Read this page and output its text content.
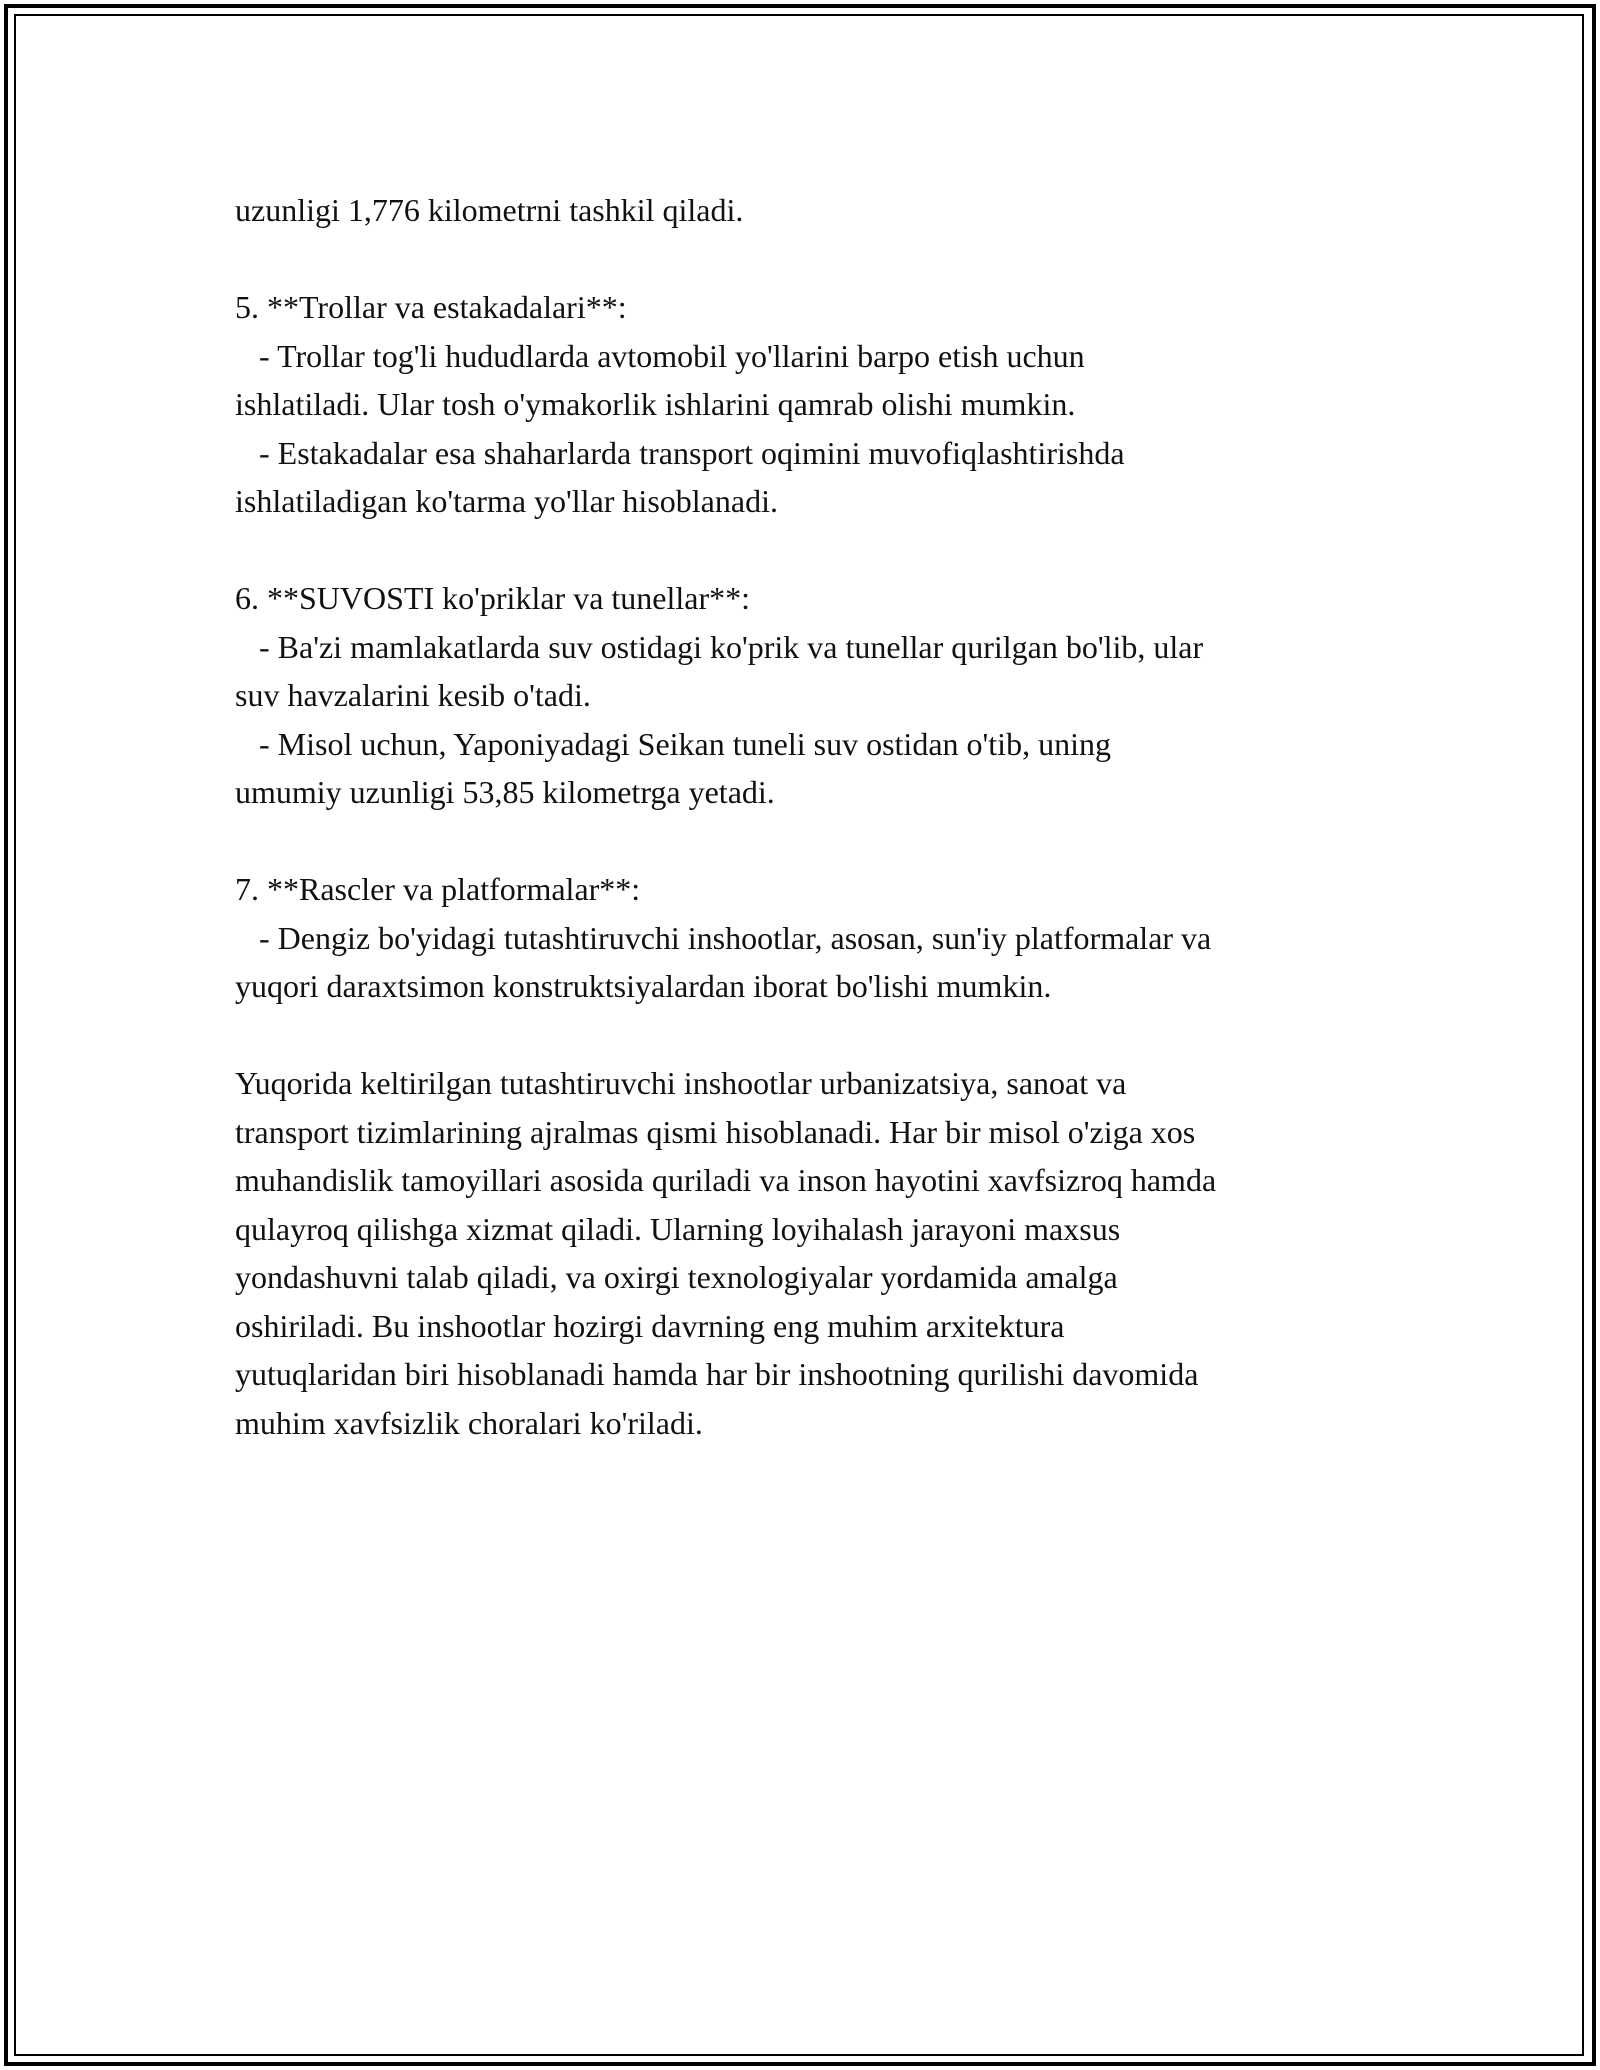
uzunligi 1,776 kilometrni tashkil qiladi.

5. **Trollar va estakadalari**:

- Trollar tog'li hududlarda avtomobil yo'llarini barpo etish uchun

ishlatiladi. Ular tosh o'ymakorlik ishlarini qamrab olishi mumkin.

- Estakadalar esa shaharlarda transport oqimini muvofiqlashtirishda

ishlatiladigan ko'tarma yo'llar hisoblanadi.

6. **SUVOSTI ko'priklar va tunellar**:

- Ba'zi mamlakatlarda suv ostidagi ko'prik va tunellar qurilgan bo'lib, ular

suv havzalarini kesib o'tadi.

- Misol uchun, Yaponiyadagi Seikan tuneli suv ostidan o'tib, uning

umumiy uzunligi 53,85 kilometrga yetadi.

7. **Rascler va platformalar**:

- Dengiz bo'yidagi tutashtiruvchi inshootlar, asosan, sun'iy platformalar va

yuqori daraxtsimon konstruktsiyalardan iborat bo'lishi mumkin.

Yuqorida keltirilgan tutashtiruvchi inshootlar urbanizatsiya, sanoat va

transport tizimlarining ajralmas qismi hisoblanadi. Har bir misol o'ziga xos

muhandislik tamoyillari asosida quriladi va inson hayotini xavfsizroq hamda

qulayroq qilishga xizmat qiladi. Ularning loyihalash jarayoni maxsus

yondashuvni talab qiladi, va oxirgi texnologiyalar yordamida amalga

oshiriladi. Bu inshootlar hozirgi davrning eng muhim arxitektura

yutuqlaridan biri hisoblanadi hamda har bir inshootning qurilishi davomida

muhim xavfsizlik choralari ko'riladi.
